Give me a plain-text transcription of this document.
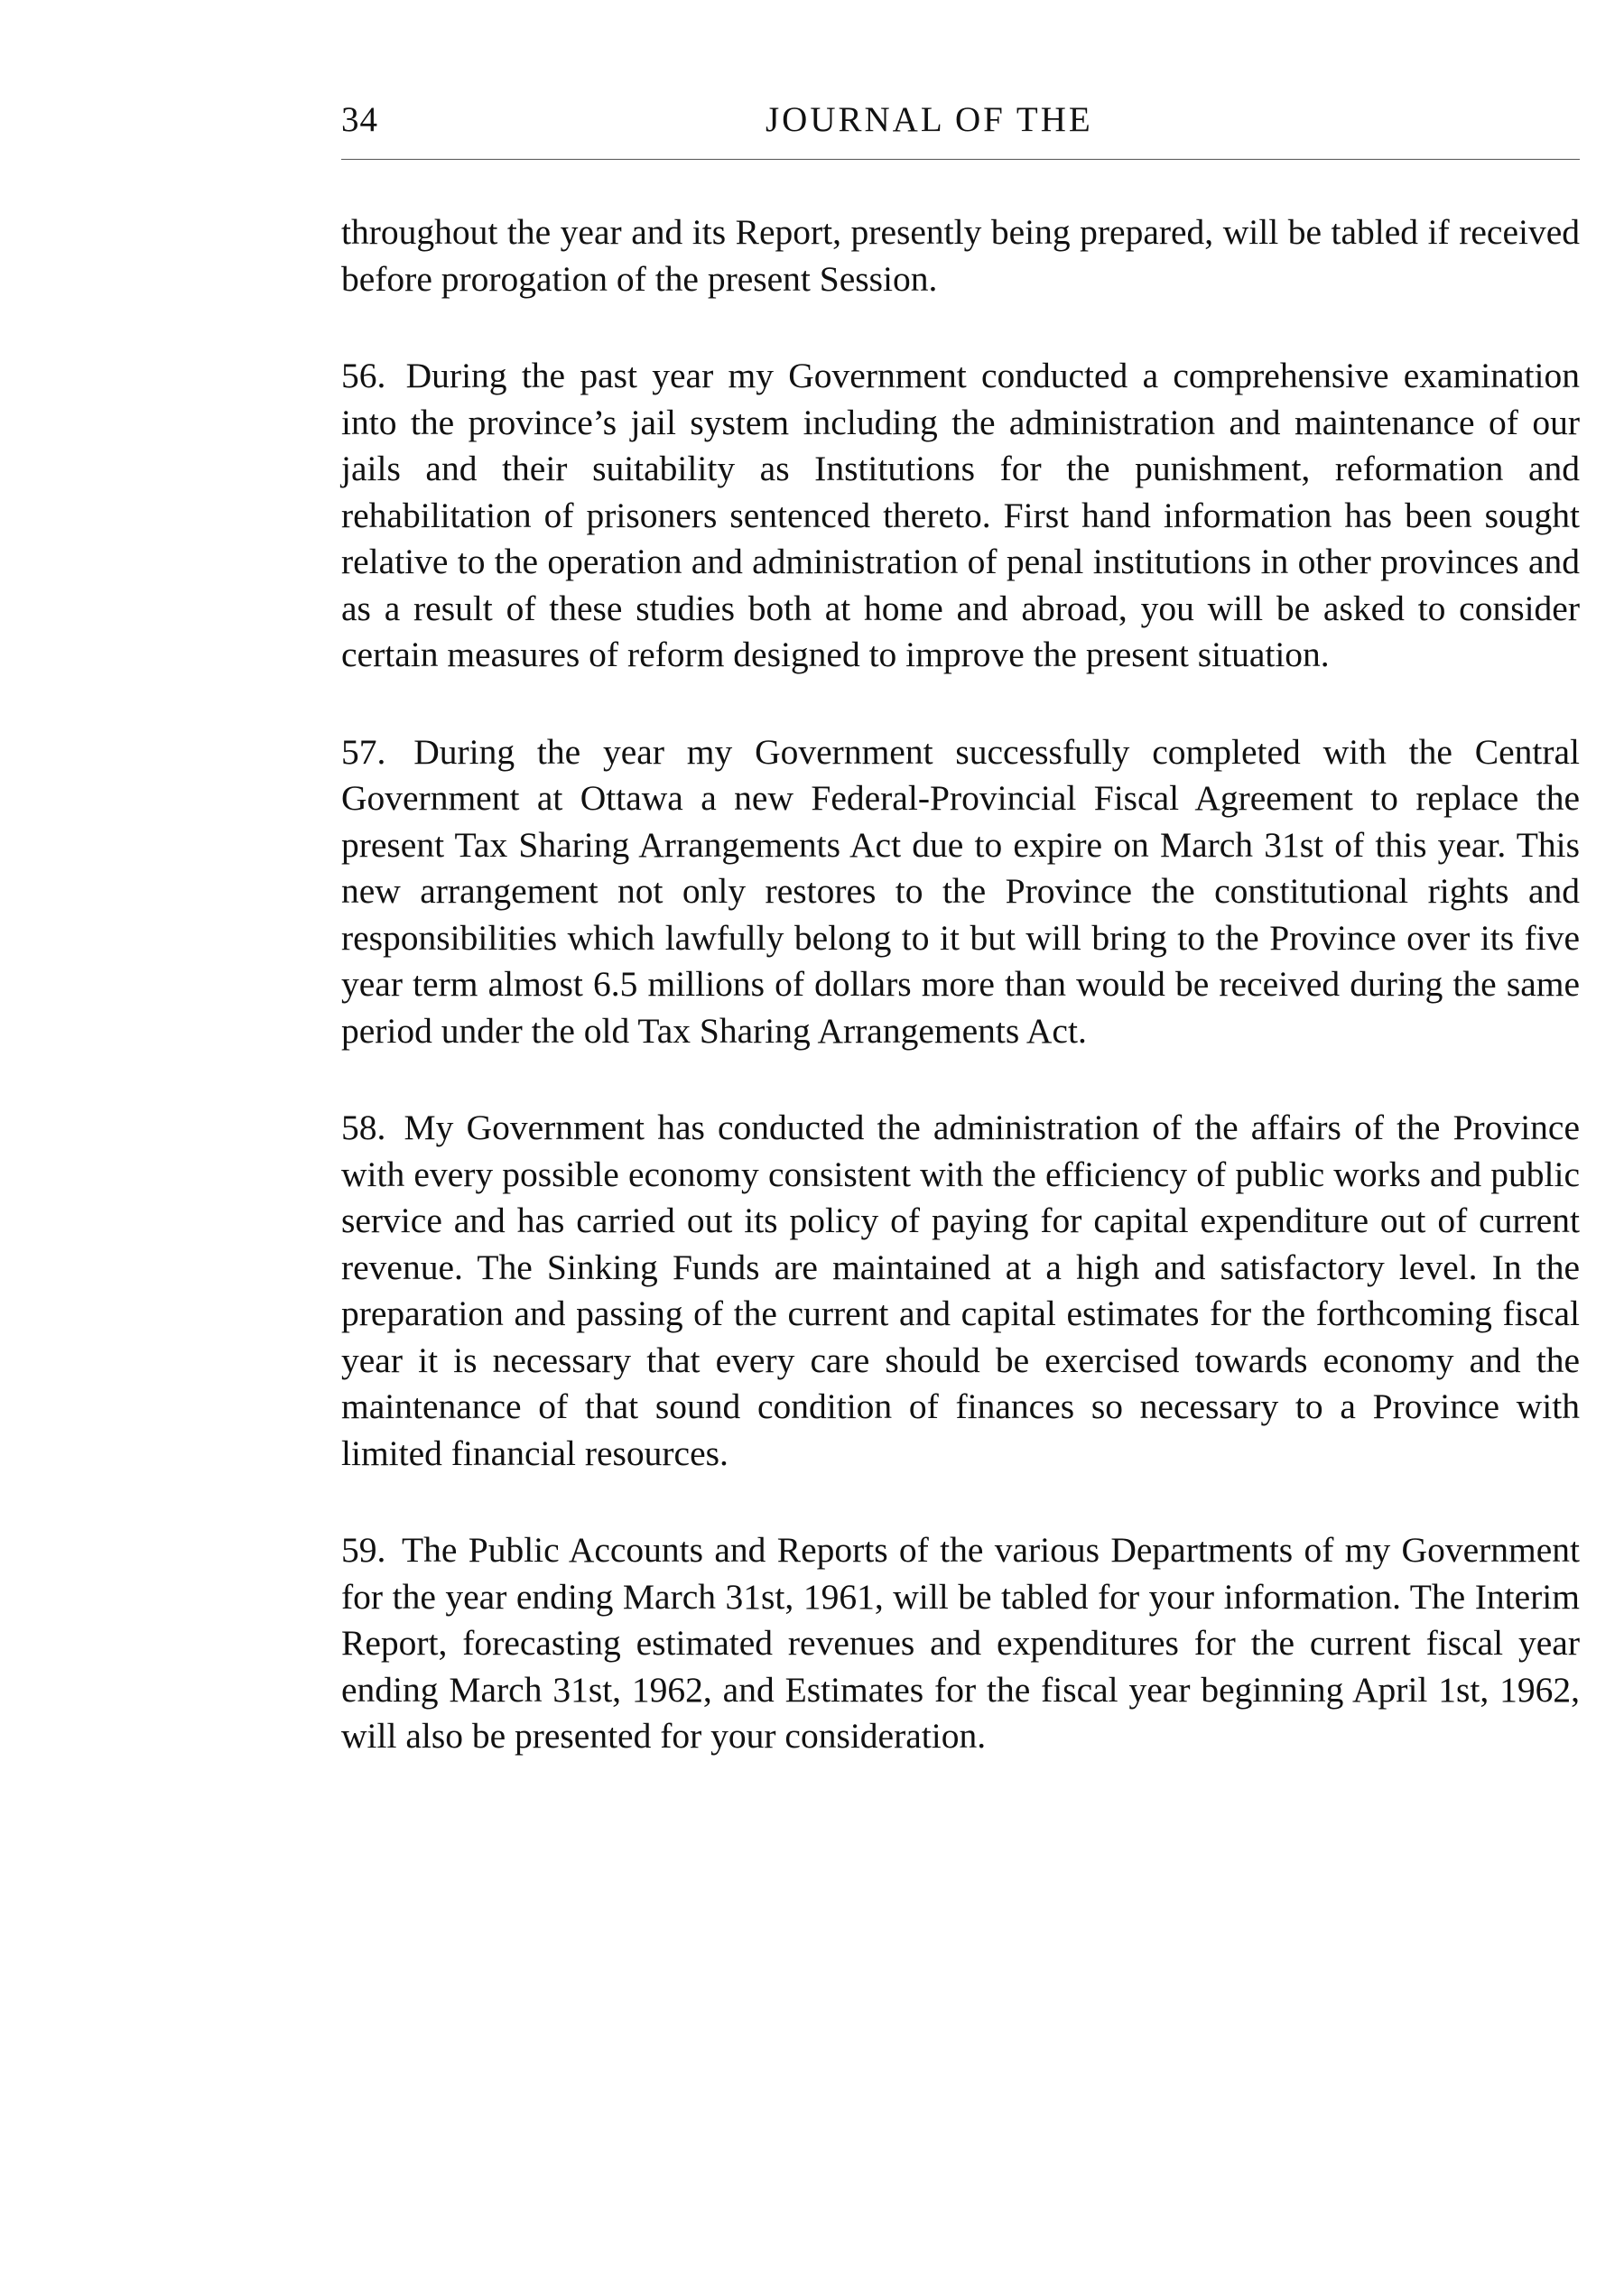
34	JOURNAL OF THE

throughout the year and its Report, presently being prepared, will be tabled if received before prorogation of the present Session.

56. During the past year my Government conducted a comprehensive examination into the province’s jail system including the administration and maintenance of our jails and their suitability as Institutions for the punishment, reformation and rehabilitation of prisoners sentenced thereto. First hand information has been sought relative to the operation and administration of penal institutions in other provinces and as a result of these studies both at home and abroad, you will be asked to consider certain measures of reform designed to improve the present situation.

57. During the year my Government successfully completed with the Central Government at Ottawa a new Federal-Provincial Fiscal Agreement to replace the present Tax Sharing Arrangements Act due to expire on March 31st of this year. This new arrangement not only restores to the Province the constitutional rights and responsibilities which lawfully belong to it but will bring to the Province over its five year term almost 6.5 millions of dollars more than would be received during the same period under the old Tax Sharing Arrangements Act.

58. My Government has conducted the administration of the affairs of the Province with every possible economy consistent with the efficiency of public works and public service and has carried out its policy of paying for capital expenditure out of current revenue. The Sinking Funds are maintained at a high and satisfactory level. In the preparation and passing of the current and capital estimates for the forthcoming fiscal year it is necessary that every care should be exercised towards economy and the maintenance of that sound condition of finances so necessary to a Province with limited financial resources.

59. The Public Accounts and Reports of the various Departments of my Government for the year ending March 31st, 1961, will be tabled for your information. The Interim Report, forecasting estimated revenues and expenditures for the current fiscal year ending March 31st, 1962, and Estimates for the fiscal year beginning April 1st, 1962, will also be presented for your consideration.
